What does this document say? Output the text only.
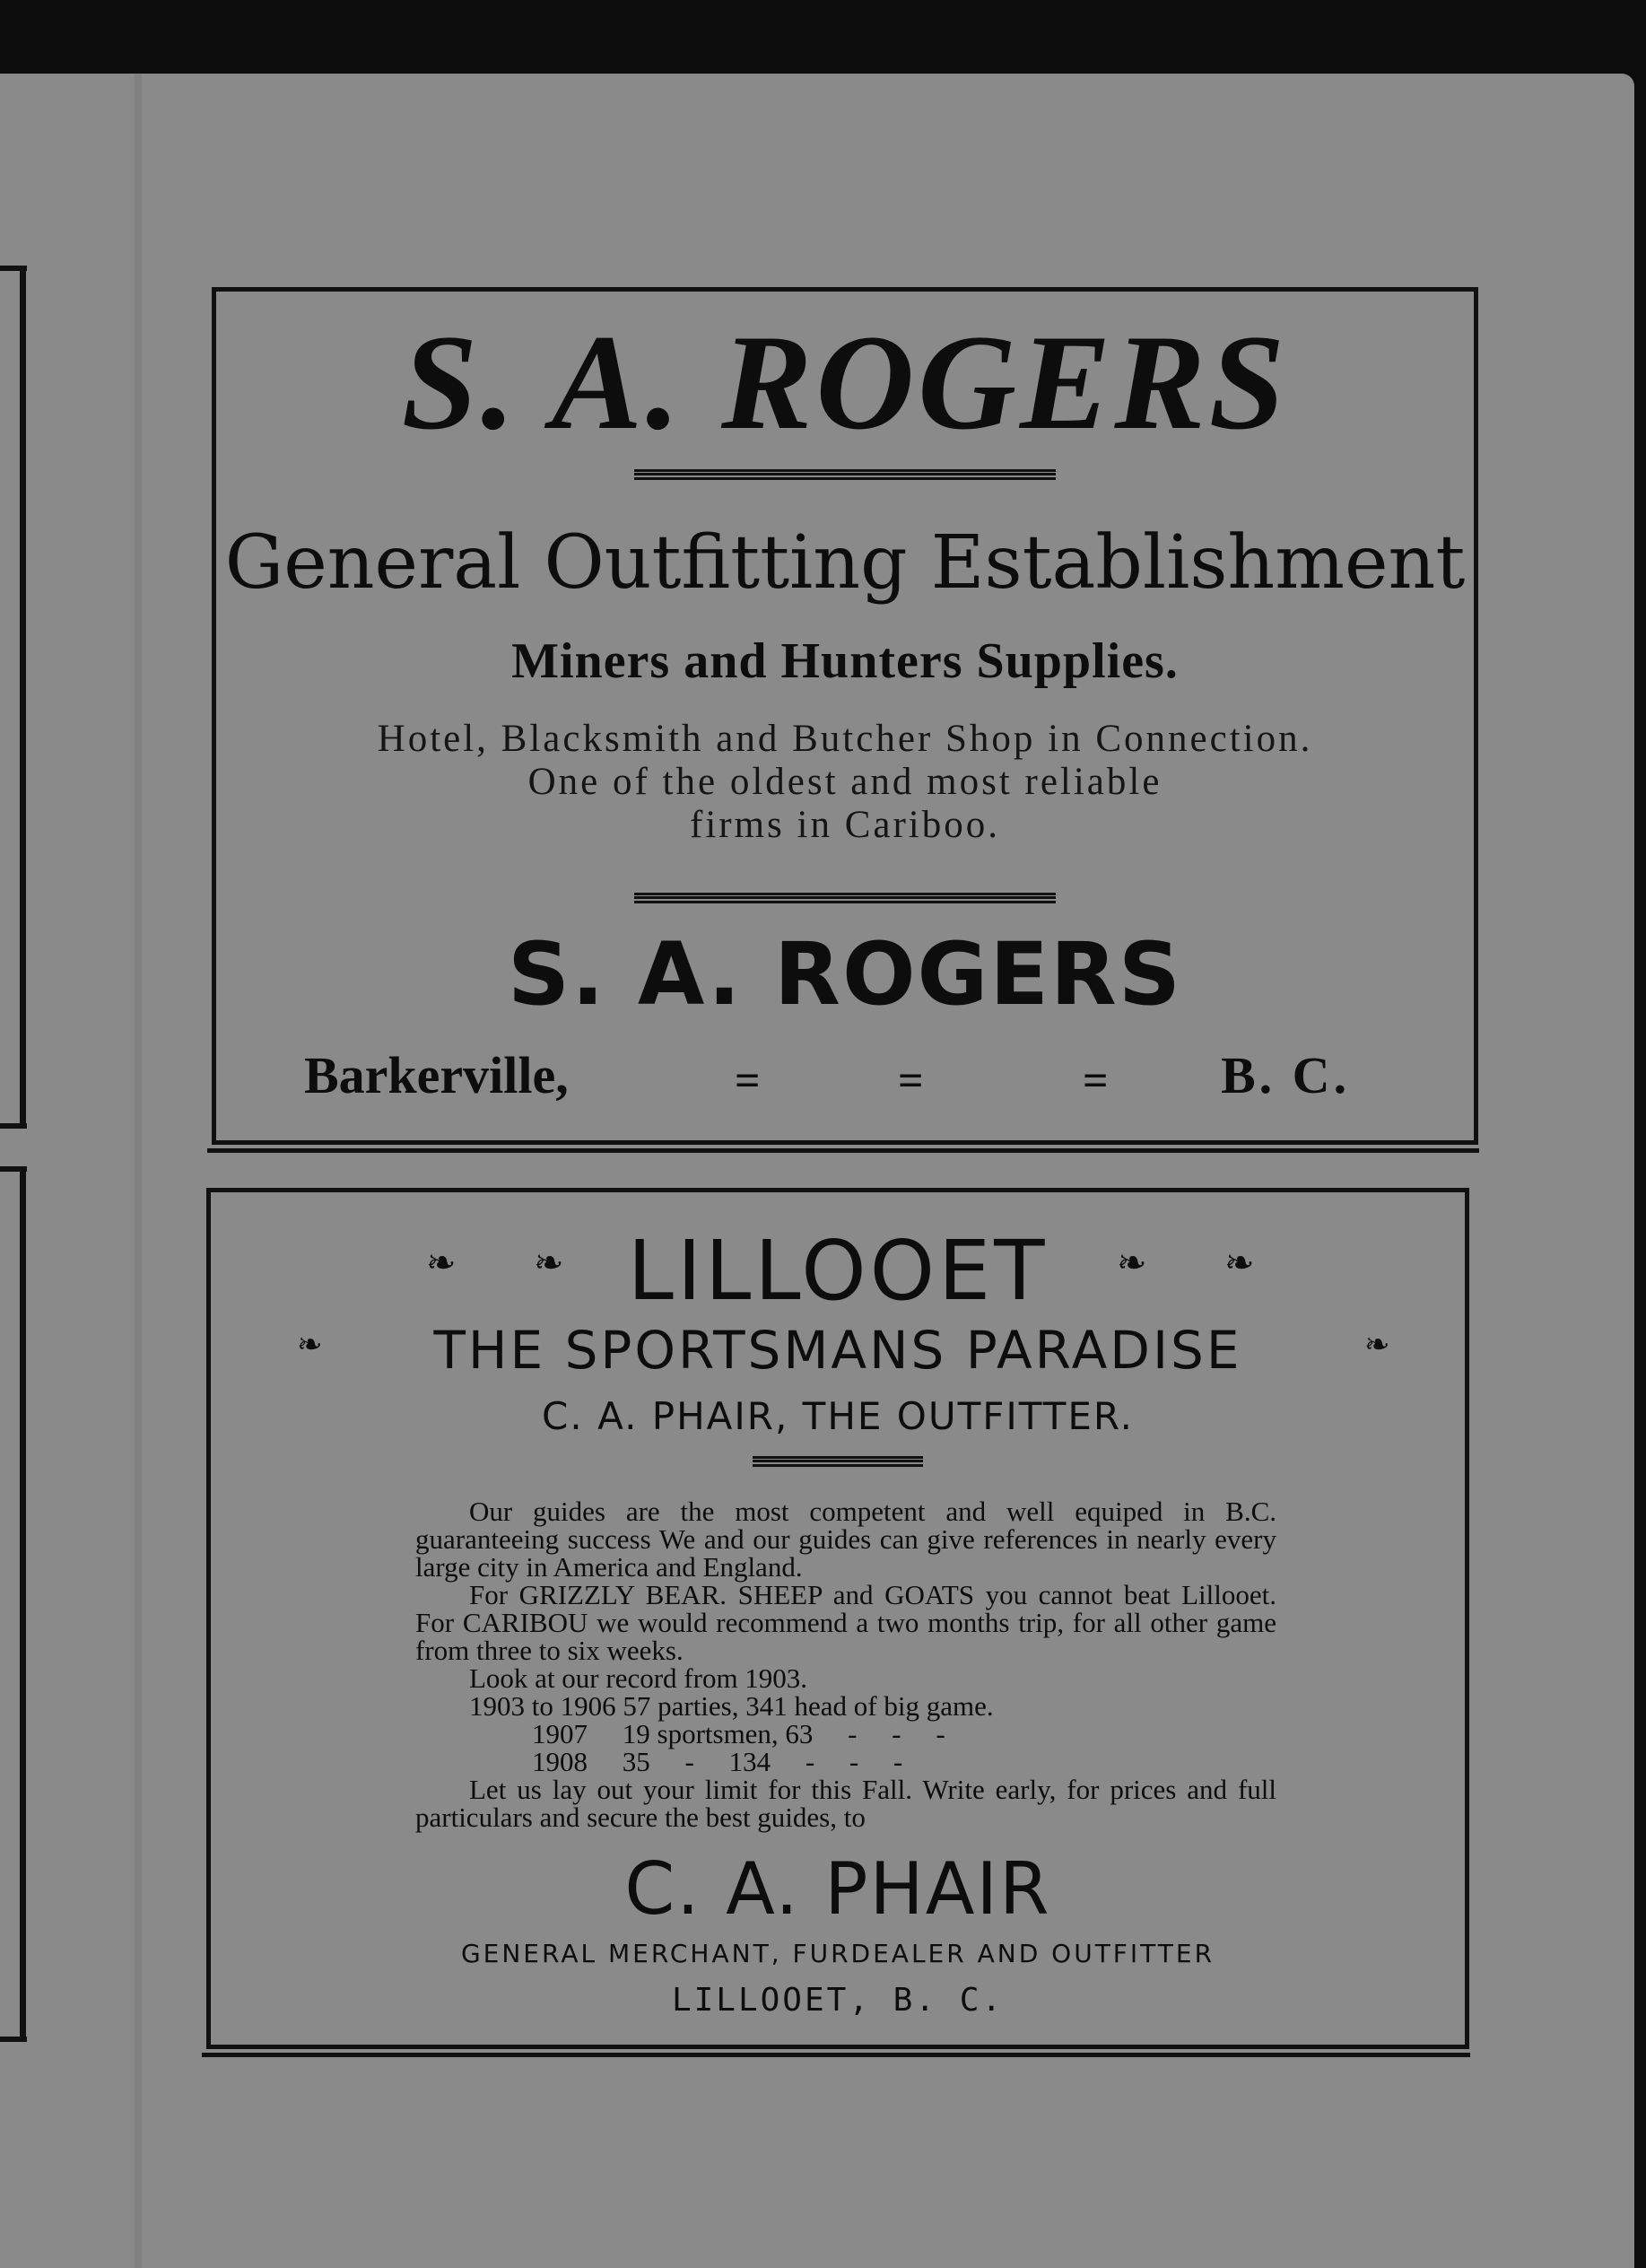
S. A. ROGERS
General Outfitting Establishment
Miners and Hunters Supplies.
Hotel, Blacksmith and Butcher Shop in Connection.
One of the oldest and most reliable
firms in Cariboo.
S. A. ROGERS
Barkerville,	=	=	= B. C.
❧ ❧	❧ ❧
LILLOOET
❧	❧
THE SPORTSMANS PARADISE
C. A. PHAIR, THE OUTFITTER.

Our guides are the most competent and well equiped in B.C. guaranteeing success We and our guides can give references in nearly every large city in America and England.

For GRIZZLY BEAR. SHEEP and GOATS you cannot beat Lillooet. For CARIBOU we would recommend a two months trip, for all other game from three to six weeks.

Look at our record from 1903.

1903 to 1906 57 parties, 341 head of big game.

1907     19 sportsmen, 63     -     -     -

1908     35     -     134     -     -     -

Let us lay out your limit for this Fall. Write early, for prices and full particulars and secure the best guides, to

C. A. PHAIR
GENERAL MERCHANT, FURDEALER AND OUTFITTER
LILLOOET, B. C.
